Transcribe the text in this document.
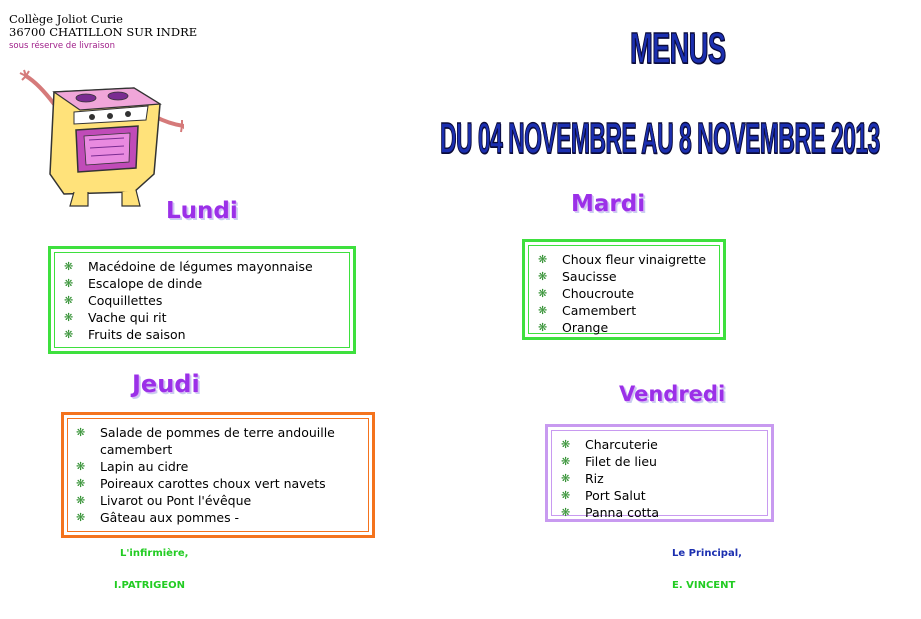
Collège Joliot Curie
36700 CHATILLON SUR INDRE
sous réserve de livraison	MENUS
DU 04 NOVEMBRE AU 8 NOVEMBRE 2013
Lundi	Mardi
Jeudi	Vendredi
❋ Macédoine de légumes mayonnaise
❋ Escalope de dinde
❋ Coquillettes
❋ Vache qui rit
❋ Fruits de saison
❋ Choux fleur vinaigrette
❋ Saucisse
❋ Choucroute
❋ Camembert
❋ Orange
❋ Salade de pommes de terre andouille camembert
❋ Lapin au cidre
❋ Poireaux carottes choux vert navets
❋ Livarot ou Pont l'évêque
❋ Gâteau aux pommes -
❋ Charcuterie
❋ Filet de lieu
❋ Riz
❋ Port Salut
❋ Panna cotta
L'infirmière,
I.PATRIGEON
Le Principal,
E. VINCENT
